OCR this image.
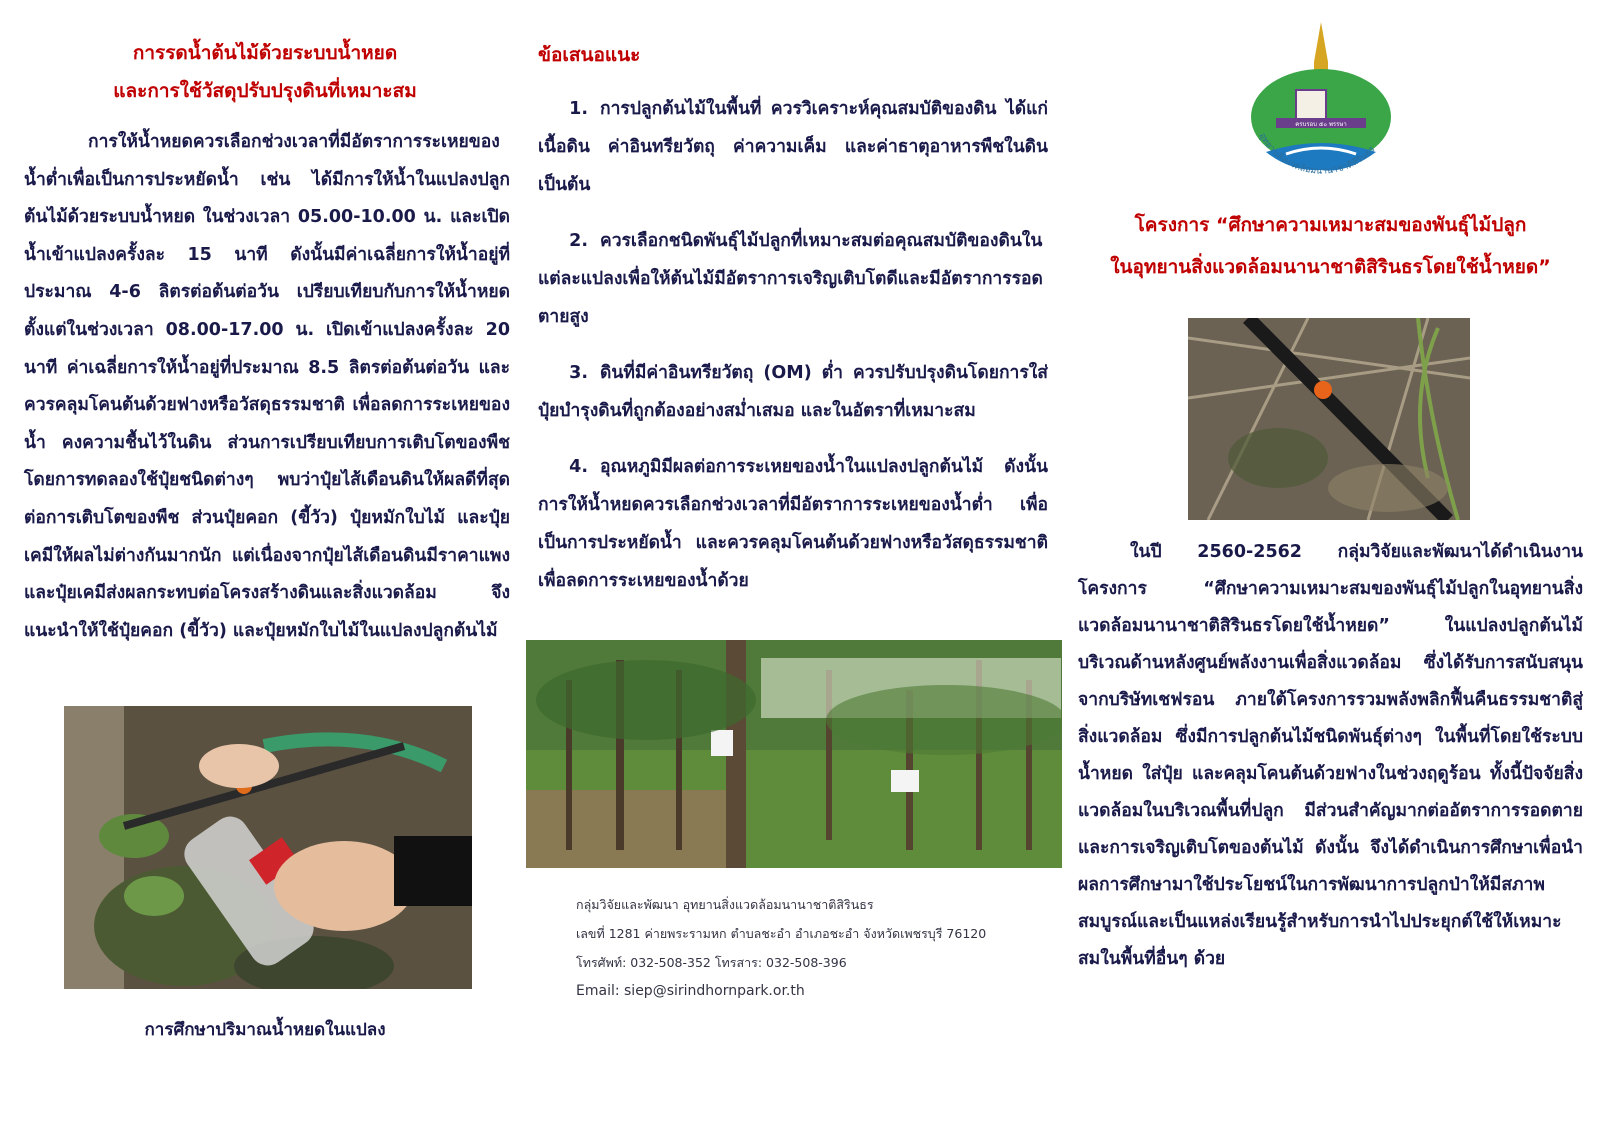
การรดน้ำต้นไม้ด้วยระบบน้ำหยด

และการใช้วัสดุปรับปรุงดินที่เหมาะสม

การให้น้ำหยดควรเลือกช่วงเวลาที่มีอัตราการระเหยของน้ำต่ำเพื่อเป็นการประหยัดน้ำ เช่น ได้มีการให้น้ำในแปลงปลูกต้นไม้ด้วยระบบน้ำหยด ในช่วงเวลา 05.00-10.00 น. และเปิดน้ำเข้าแปลงครั้งละ 15 นาที ดังนั้นมีค่าเฉลี่ยการให้น้ำอยู่ที่ประมาณ 4-6 ลิตรต่อต้นต่อวัน เปรียบเทียบกับการให้น้ำหยดตั้งแต่ในช่วงเวลา 08.00-17.00 น. เปิดเข้าแปลงครั้งละ 20 นาที ค่าเฉลี่ยการให้น้ำอยู่ที่ประมาณ 8.5 ลิตรต่อต้นต่อวัน และควรคลุมโคนต้นด้วยฟางหรือวัสดุธรรมชาติ เพื่อลดการระเหยของน้ำ คงความชื้นไว้ในดิน ส่วนการเปรียบเทียบการเติบโตของพืชโดยการทดลองใช้ปุ๋ยชนิดต่างๆ พบว่าปุ๋ยไส้เดือนดินให้ผลดีที่สุดต่อการเติบโตของพืช ส่วนปุ๋ยคอก (ขี้วัว) ปุ๋ยหมักใบไม้ และปุ๋ยเคมีให้ผลไม่ต่างกันมากนัก แต่เนื่องจากปุ๋ยไส้เดือนดินมีราคาแพง และปุ๋ยเคมีส่งผลกระทบต่อโครงสร้างดินและสิ่งแวดล้อม จึงแนะนำให้ใช้ปุ๋ยคอก (ขี้วัว) และปุ๋ยหมักใบไม้ในแปลงปลูกต้นไม้

การศึกษาปริมาณน้ำหยดในแปลง
ข้อเสนอแนะ
1. การปลูกต้นไม้ในพื้นที่ ควรวิเคราะห์คุณสมบัติของดิน ได้แก่ เนื้อดิน ค่าอินทรียวัตถุ ค่าความเค็ม และค่าธาตุอาหารพืชในดิน เป็นต้น
2. ควรเลือกชนิดพันธุ์ไม้ปลูกที่เหมาะสมต่อคุณสมบัติของดินในแต่ละแปลงเพื่อให้ต้นไม้มีอัตราการเจริญเติบโตดีและมีอัตราการรอดตายสูง
3. ดินที่มีค่าอินทรียวัตถุ (OM) ต่ำ ควรปรับปรุงดินโดยการใส่ปุ๋ยบำรุงดินที่ถูกต้องอย่างสม่ำเสมอ และในอัตราที่เหมาะสม
4. อุณหภูมิมีผลต่อการระเหยของน้ำในแปลงปลูกต้นไม้ ดังนั้นการให้น้ำหยดควรเลือกช่วงเวลาที่มีอัตราการระเหยของน้ำต่ำ เพื่อเป็นการประหยัดน้ำ และควรคลุมโคนต้นด้วยฟางหรือวัสดุธรรมชาติ เพื่อลดการระเหยของน้ำด้วย
กลุ่มวิจัยและพัฒนา อุทยานสิ่งแวดล้อมนานาชาติสิรินธร
เลขที่ 1281 ค่ายพระรามหก ตำบลชะอำ อำเภอชะอำ จังหวัดเพชรบุรี 76120
โทรศัพท์: 032-508-352 โทรสาร: 032-508-396
Email: siep@sirindhornpark.or.th
อุทยานสิ่งแวดล้อมนานาชาติสิรินธร
ครบรอบ ๕๐ พรรษา
โครงการ “ศึกษาความเหมาะสมของพันธุ์ไม้ปลูก
ในอุทยานสิ่งแวดล้อมนานาชาติสิรินธรโดยใช้น้ำหยด”

ในปี 2560-2562 กลุ่มวิจัยและพัฒนาได้ดำเนินงานโครงการ “ศึกษาความเหมาะสมของพันธุ์ไม้ปลูกในอุทยานสิ่งแวดล้อมนานาชาติสิรินธรโดยใช้น้ำหยด” ในแปลงปลูกต้นไม้บริเวณด้านหลังศูนย์พลังงานเพื่อสิ่งแวดล้อม ซึ่งได้รับการสนับสนุนจากบริษัทเชฟรอน ภายใต้โครงการรวมพลังพลิกฟื้นคืนธรรมชาติสู่สิ่งแวดล้อม ซึ่งมีการปลูกต้นไม้ชนิดพันธุ์ต่างๆ ในพื้นที่โดยใช้ระบบน้ำหยด ใส่ปุ๋ย และคลุมโคนต้นด้วยฟางในช่วงฤดูร้อน ทั้งนี้ปัจจัยสิ่งแวดล้อมในบริเวณพื้นที่ปลูก มีส่วนสำคัญมากต่ออัตราการรอดตายและการเจริญเติบโตของต้นไม้ ดังนั้น จึงได้ดำเนินการศึกษาเพื่อนำผลการศึกษามาใช้ประโยชน์ในการพัฒนาการปลูกป่าให้มีสภาพสมบูรณ์และเป็นแหล่งเรียนรู้สำหรับการนำไปประยุกต์ใช้ให้เหมาะสมในพื้นที่อื่นๆ ด้วย
